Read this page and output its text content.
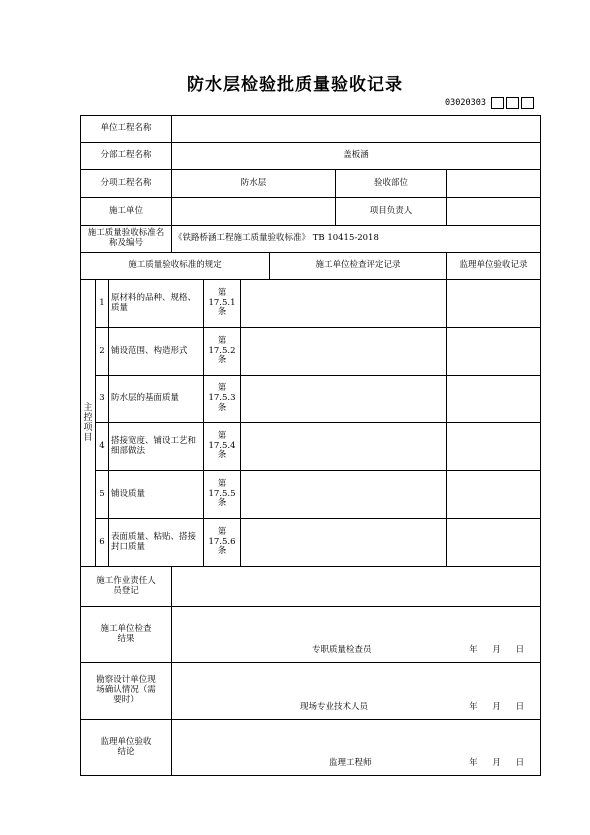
防水层检验批质量验收记录
03020303
单位工程名称								
分部工程名称			盖板涵					
分项工程名称			防水层				验收部位	
施工单位							项目负责人	
施工质量验收标准名称及编号			《铁路桥涵工程施工质量验收标准》 TB 10415-2018					
施工质量验收标准的规定						施工单位检查评定记录		监理单位验收记录
主控项目	1	原材料的品种、规格、质量		第17.5.1条				
	2	铺设范围、构造形式		第17.5.2条				
	3	防水层的基面质量		第17.5.3条				
	4	搭接宽度、铺设工艺和细部做法		第17.5.4条				
	5	铺设质量		第17.5.5条				
	6	表面质量、粘贴、搭接封口质量		第17.5.6条				
施工作业责任人员登记								
施工单位检查结果			专职质量检查员 年 月 日					

勘察设计单位现场确认情况（需要时）			现场专业技术人员 年 月 日					

监理单位验收结论			监理工程师 年 月 日					
